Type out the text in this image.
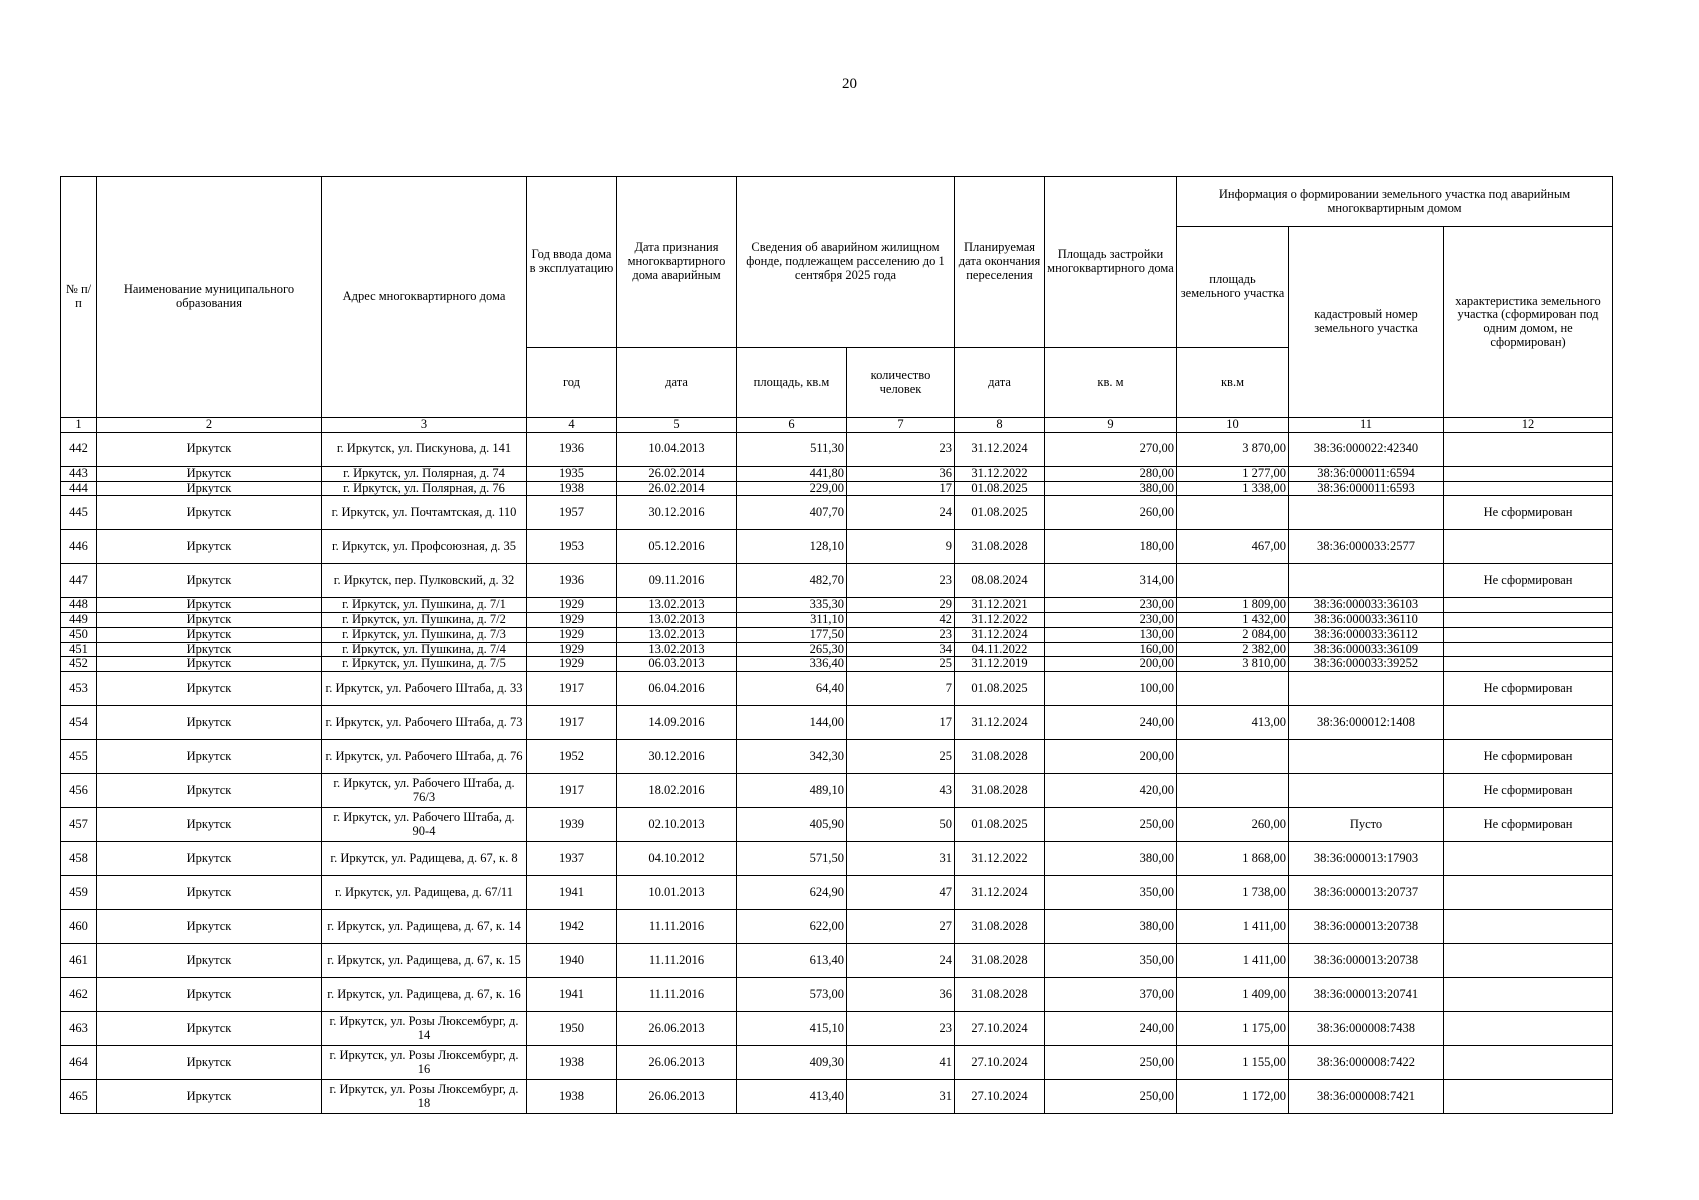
20
№ п/п	Наименование муниципального образования	Адрес многоквартирного дома	Год ввода дома в эксплуатацию	Дата признания многоквартирного дома аварийным	Сведения об аварийном жилищном фонде, подлежащем расселению до 1 сентября 2025 года		Планируемая дата окончания переселения	Площадь застройки многоквартирного дома	Информация о формировании земельного участка под аварийным многоквартирным домом		
									площадь земельного участка	кадастровый номер земельного участка	характеристика земельного участка (сформирован под одним домом, не сформирован)
			год	дата	площадь, кв.м	количество человек	дата	кв. м	кв.м		
1	2	3	4	5	6	7	8	9	10	11	12
442	Иркутск	г. Иркутск, ул. Пискунова, д. 141	1936	10.04.2013	511,30	23	31.12.2024	270,00	3 870,00	38:36:000022:42340	
443	Иркутск	г. Иркутск, ул. Полярная, д. 74	1935	26.02.2014	441,80	36	31.12.2022	280,00	1 277,00	38:36:000011:6594	
444	Иркутск	г. Иркутск, ул. Полярная, д. 76	1938	26.02.2014	229,00	17	01.08.2025	380,00	1 338,00	38:36:000011:6593	
445	Иркутск	г. Иркутск, ул. Почтамтская, д. 110	1957	30.12.2016	407,70	24	01.08.2025	260,00			Не сформирован
446	Иркутск	г. Иркутск, ул. Профсоюзная, д. 35	1953	05.12.2016	128,10	9	31.08.2028	180,00	467,00	38:36:000033:2577	
447	Иркутск	г. Иркутск, пер. Пулковский, д. 32	1936	09.11.2016	482,70	23	08.08.2024	314,00			Не сформирован
448	Иркутск	г. Иркутск, ул. Пушкина, д. 7/1	1929	13.02.2013	335,30	29	31.12.2021	230,00	1 809,00	38:36:000033:36103	
449	Иркутск	г. Иркутск, ул. Пушкина, д. 7/2	1929	13.02.2013	311,10	42	31.12.2022	230,00	1 432,00	38:36:000033:36110	
450	Иркутск	г. Иркутск, ул. Пушкина, д. 7/3	1929	13.02.2013	177,50	23	31.12.2024	130,00	2 084,00	38:36:000033:36112	
451	Иркутск	г. Иркутск, ул. Пушкина, д. 7/4	1929	13.02.2013	265,30	34	04.11.2022	160,00	2 382,00	38:36:000033:36109	
452	Иркутск	г. Иркутск, ул. Пушкина, д. 7/5	1929	06.03.2013	336,40	25	31.12.2019	200,00	3 810,00	38:36:000033:39252	
453	Иркутск	г. Иркутск, ул. Рабочего Штаба, д. 33	1917	06.04.2016	64,40	7	01.08.2025	100,00			Не сформирован
454	Иркутск	г. Иркутск, ул. Рабочего Штаба, д. 73	1917	14.09.2016	144,00	17	31.12.2024	240,00	413,00	38:36:000012:1408	
455	Иркутск	г. Иркутск, ул. Рабочего Штаба, д. 76	1952	30.12.2016	342,30	25	31.08.2028	200,00			Не сформирован
456	Иркутск	г. Иркутск, ул. Рабочего Штаба, д. 76/3	1917	18.02.2016	489,10	43	31.08.2028	420,00			Не сформирован
457	Иркутск	г. Иркутск, ул. Рабочего Штаба, д. 90-4	1939	02.10.2013	405,90	50	01.08.2025	250,00	260,00	Пусто	Не сформирован
458	Иркутск	г. Иркутск, ул. Радищева, д. 67, к. 8	1937	04.10.2012	571,50	31	31.12.2022	380,00	1 868,00	38:36:000013:17903	
459	Иркутск	г. Иркутск, ул. Радищева, д. 67/11	1941	10.01.2013	624,90	47	31.12.2024	350,00	1 738,00	38:36:000013:20737	
460	Иркутск	г. Иркутск, ул. Радищева, д. 67, к. 14	1942	11.11.2016	622,00	27	31.08.2028	380,00	1 411,00	38:36:000013:20738	
461	Иркутск	г. Иркутск, ул. Радищева, д. 67, к. 15	1940	11.11.2016	613,40	24	31.08.2028	350,00	1 411,00	38:36:000013:20738	
462	Иркутск	г. Иркутск, ул. Радищева, д. 67, к. 16	1941	11.11.2016	573,00	36	31.08.2028	370,00	1 409,00	38:36:000013:20741	
463	Иркутск	г. Иркутск, ул. Розы Люксембург, д. 14	1950	26.06.2013	415,10	23	27.10.2024	240,00	1 175,00	38:36:000008:7438	
464	Иркутск	г. Иркутск, ул. Розы Люксембург, д. 16	1938	26.06.2013	409,30	41	27.10.2024	250,00	1 155,00	38:36:000008:7422	
465	Иркутск	г. Иркутск, ул. Розы Люксембург, д. 18	1938	26.06.2013	413,40	31	27.10.2024	250,00	1 172,00	38:36:000008:7421	
